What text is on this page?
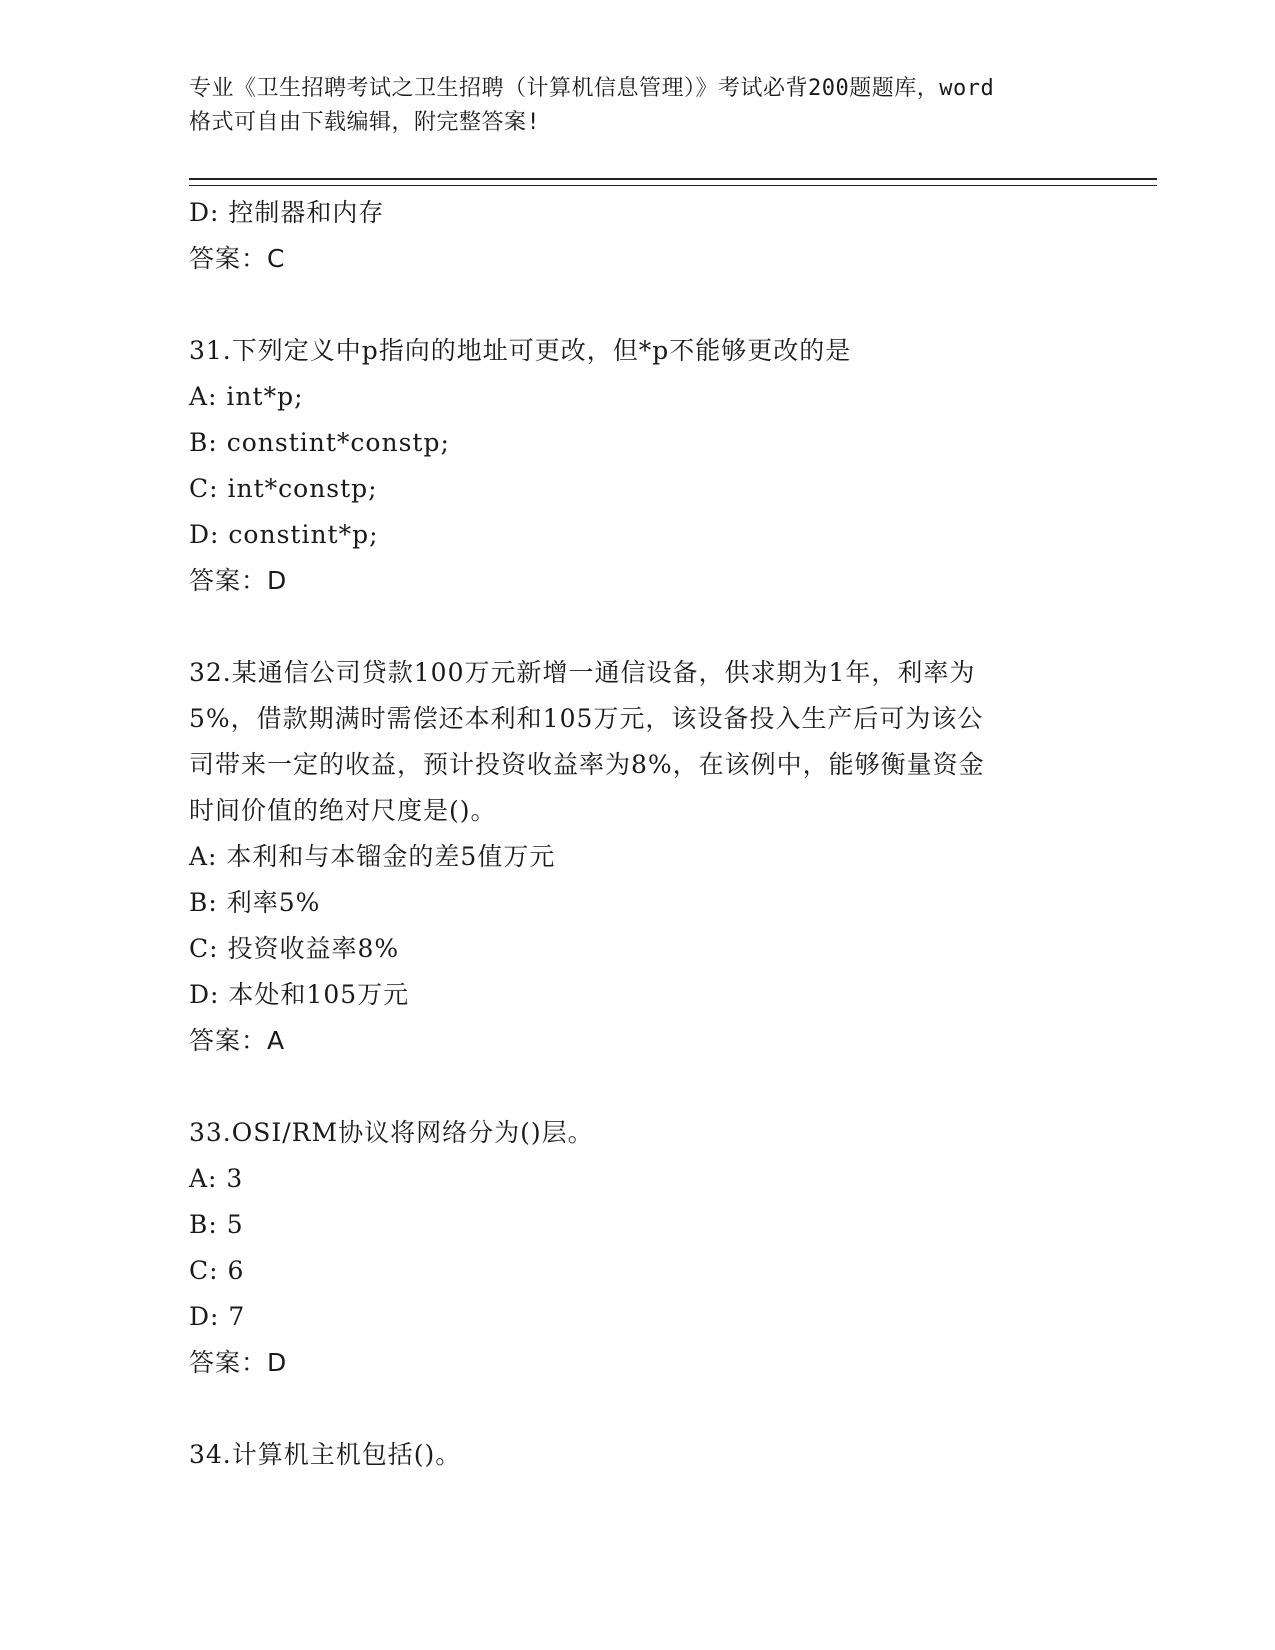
专业《卫生招聘考试之卫生招聘（计算机信息管理）》考试必背200题题库，word
格式可自由下载编辑，附完整答案!
D: 控制器和内存
答案：C
31.下列定义中p指向的地址可更改，但*p不能够更改的是
A: int*p;
B: constint*constp;
C: int*constp;
D: constint*p;
答案：D
32.某通信公司贷款100万元新增一通信设备，供求期为1年，利率为
5%，借款期满时需偿还本利和105万元，该设备投入生产后可为该公
司带来一定的收益，预计投资收益率为8%，在该例中，能够衡量资金
时间价值的绝对尺度是()。
A: 本利和与本镏金的差5值万元
B: 利率5%
C: 投资收益率8%
D: 本处和105万元
答案：A
33.OSI/RM协议将网络分为()层。
A: 3
B: 5
C: 6
D: 7
答案：D
34.计算机主机包括()。
